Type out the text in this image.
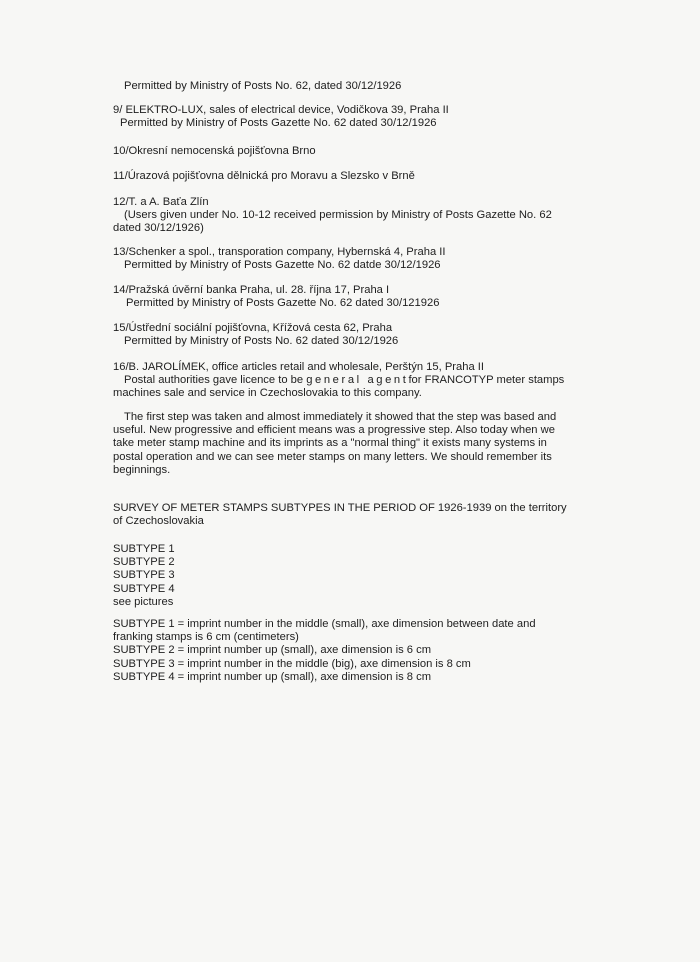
Permitted by Ministry of Posts No. 62, dated 30/12/1926
9/ ELEKTRO-LUX, sales of electrical device, Vodičkova 39, Praha II
Permitted by Ministry of Posts Gazette No. 62 dated 30/12/1926
10/Okresní nemocenská pojišťovna Brno
11/Úrazová pojišťovna dělnická pro Moravu a Slezsko v Brně
12/T. a A. Baťa Zlín
(Users given under No. 10-12 received permission by Ministry of Posts Gazette No. 62
dated 30/12/1926)
13/Schenker a spol., transporation company, Hybernská 4, Praha II
Permitted by Ministry of Posts Gazette No. 62 datde 30/12/1926
14/Pražská úvěrní banka Praha, ul. 28. října 17, Praha I
Permitted by Ministry of Posts Gazette No. 62 dated 30/121926
15/Ústřední sociální pojišťovna, Křížová cesta 62, Praha
Permitted by Ministry of Posts No. 62 dated 30/12/1926
16/B. JAROLÍMEK, office articles retail and wholesale, Perštýn 15, Praha II
Postal authorities gave licence to be general agentfor FRANCOTYP meter stamps
machines sale and service in Czechoslovakia to this company.
The first step was taken and almost immediately it showed that the step was based and
useful. New progressive and efficient means was a progressive step. Also today when we
take meter stamp machine and its imprints as a "normal thing" it exists many systems in
postal operation and we can see meter stamps on many letters. We should remember its
beginnings.
SURVEY OF METER STAMPS SUBTYPES IN THE PERIOD OF 1926-1939 on the territory
of Czechoslovakia
SUBTYPE 1
SUBTYPE 2
SUBTYPE 3
SUBTYPE 4
see pictures
SUBTYPE 1 = imprint number in the middle (small), axe dimension between date and
franking stamps is 6 cm (centimeters)
SUBTYPE 2 = imprint number up (small), axe dimension is 6 cm
SUBTYPE 3 = imprint number in the middle (big), axe dimension is 8 cm
SUBTYPE 4 = imprint number up (small), axe dimension is 8 cm
